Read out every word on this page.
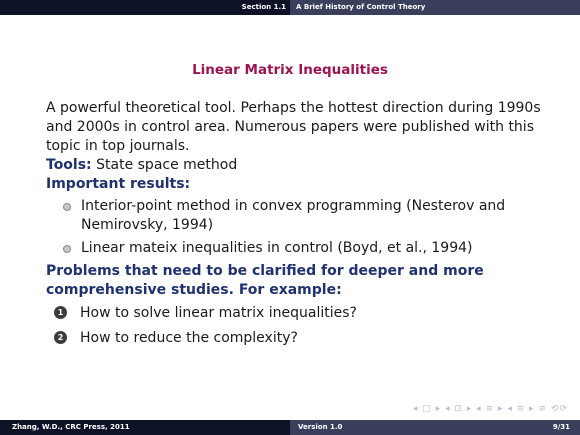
Section 1.1	A Brief History of Control Theory
Linear Matrix Inequalities

A powerful theoretical tool. Perhaps the hottest direction during 1990s and 2000s in control area. Numerous papers were published with this topic in top journals.

Tools: State space method

Important results:

Interior-point method in convex programming (Nesterov and Nemirovsky, 1994)
Linear mateix inequalities in control (Boyd, et al., 1994)

Problems that need to be clarified for deeper and more comprehensive studies. For example:

1 How to solve linear matrix inequalities?
2 How to reduce the complexity?
◂ □ ▸ ◂ ⊡ ▸ ◂ ≡ ▸ ◂ ≡ ▸ ≡ ⟲⟳
Zhang, W.D., CRC Press, 2011	Version 1.0	9/31
